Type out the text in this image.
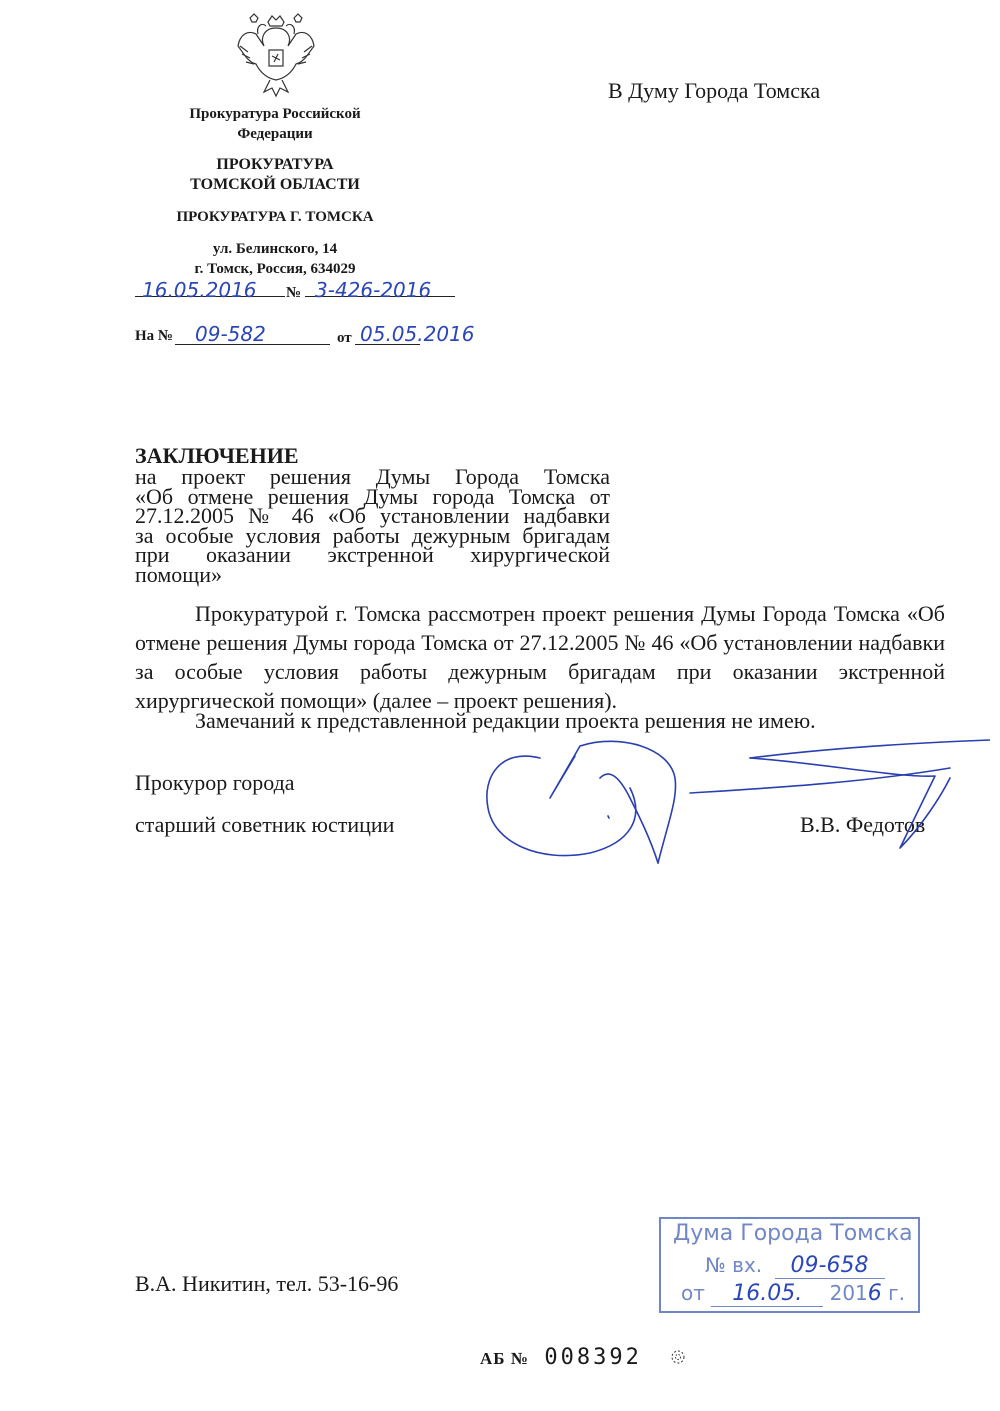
Прокуратура Российской
Федерации
ПРОКУРАТУРА
ТОМСКОЙ ОБЛАСТИ
ПРОКУРАТУРА Г. ТОМСКА
ул. Белинского, 14
г. Томск, Россия, 634029
16.05.2016 № 3-426-2016
На № 09-582	от 05.05.2016
В Думу Города Томска
ЗАКЛЮЧЕНИЕ
на проект решения Думы Города Томска
«Об отмене решения Думы города Томска от
27.12.2005 № 46 «Об установлении надбавки
за особые условия работы дежурным бригадам
при оказании экстренной хирургической
помощи»

Прокуратурой г. Томска рассмотрен проект решения Думы Города Томска «Об отмене решения Думы города Томска от 27.12.2005 № 46 «Об установлении надбавки за особые условия работы дежурным бригадам при оказании экстренной хирургической помощи» (далее – проект решения).

Замечаний к представленной редакции проекта решения не имею.

Прокурор города
старший советник юстиции	В.В. Федотов
В.А. Никитин, тел. 53-16-96
Дума Города Томска
№ вх. 09-658
от 16.05. 2016 г.
АБ № 008392
